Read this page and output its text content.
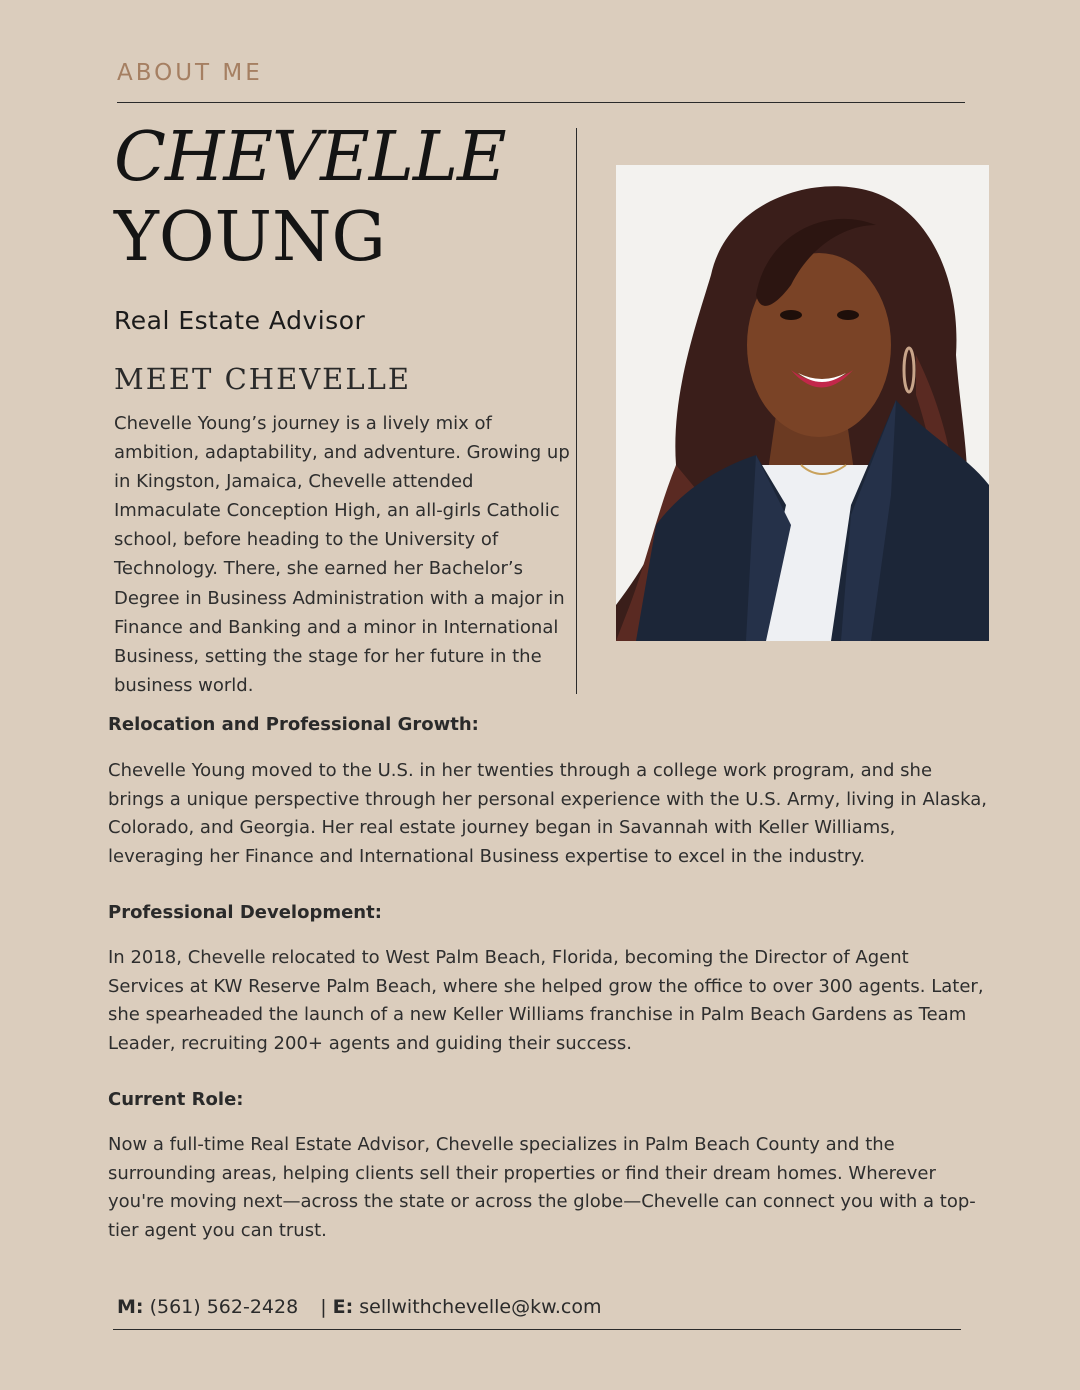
ABOUT ME
CHEVELLE
YOUNG
Real Estate Advisor
MEET CHEVELLE

Chevelle Young’s journey is a lively mix of ambition, adaptability, and adventure. Growing up in Kingston, Jamaica, Chevelle attended Immaculate Conception High, an all-girls Catholic school, before heading to the University of Technology. There, she earned her Bachelor’s Degree in Business Administration with a major in Finance and Banking and a minor in International Business, setting the stage for her future in the business world.

Relocation and Professional Growth:

Chevelle Young moved to the U.S. in her twenties through a college work program, and she brings a unique perspective through her personal experience with the U.S. Army, living in Alaska, Colorado, and Georgia. Her real estate journey began in Savannah with Keller Williams, leveraging her Finance and International Business expertise to excel in the industry.

Professional Development:

In 2018, Chevelle relocated to West Palm Beach, Florida, becoming the Director of Agent Services at KW Reserve Palm Beach, where she helped grow the office to over 300 agents. Later, she spearheaded the launch of a new Keller Williams franchise in Palm Beach Gardens as Team Leader, recruiting 200+ agents and guiding their success.

Current Role:

Now a full-time Real Estate Advisor, Chevelle specializes in Palm Beach County and the surrounding areas, helping clients sell their properties or find their dream homes. Wherever you're moving next—across the state or across the globe—Chevelle can connect you with a top-tier agent you can trust.

M: (561) 562-2428 | E: sellwithchevelle@kw.com
